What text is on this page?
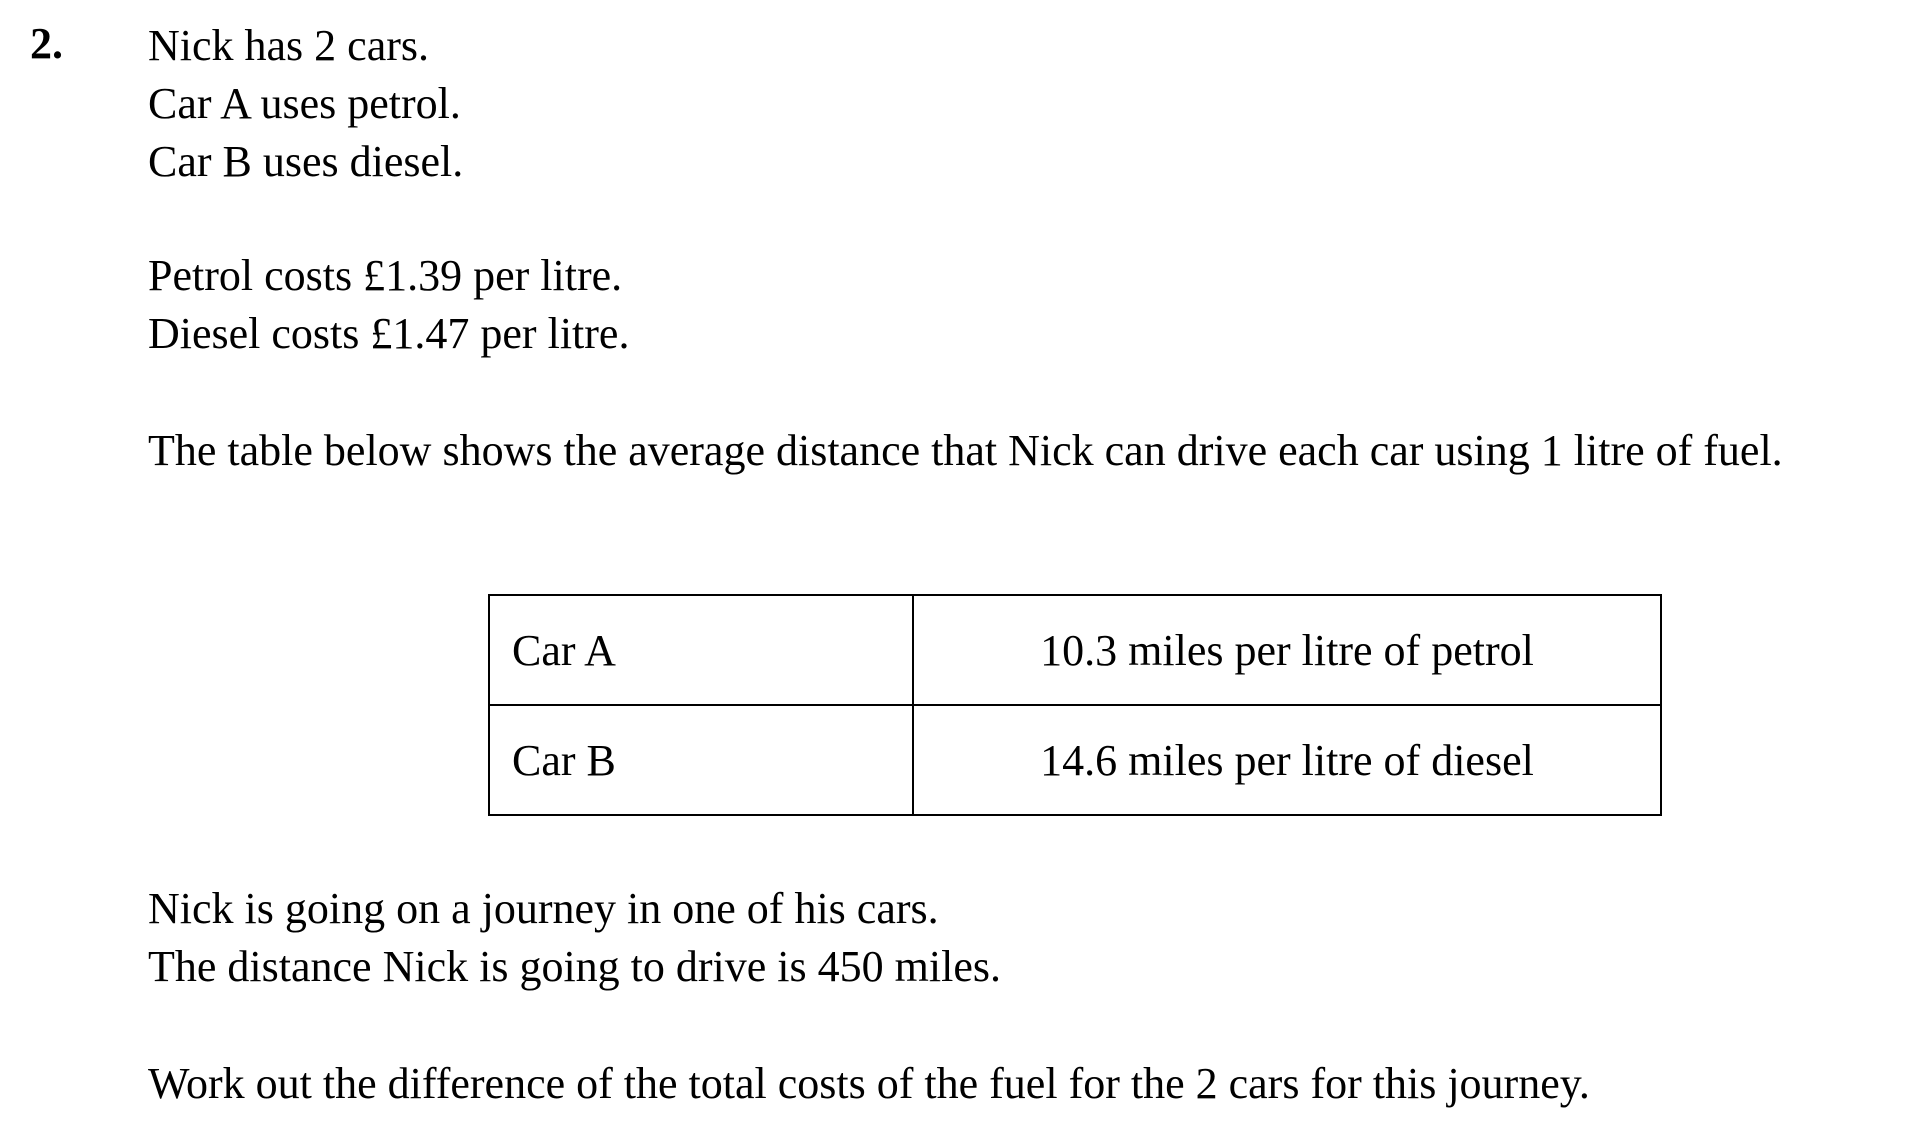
2. Nick has 2 cars.
Car A uses petrol.
Car B uses diesel.
Petrol costs £1.39 per litre.
Diesel costs £1.47 per litre.
The table below shows the average distance that Nick can drive each car using 1 litre of fuel.
Car A	10.3 miles per litre of petrol
Car B	14.6 miles per litre of diesel
Nick is going on a journey in one of his cars.
The distance Nick is going to drive is 450 miles.
Work out the difference of the total costs of the fuel for the 2 cars for this journey.
